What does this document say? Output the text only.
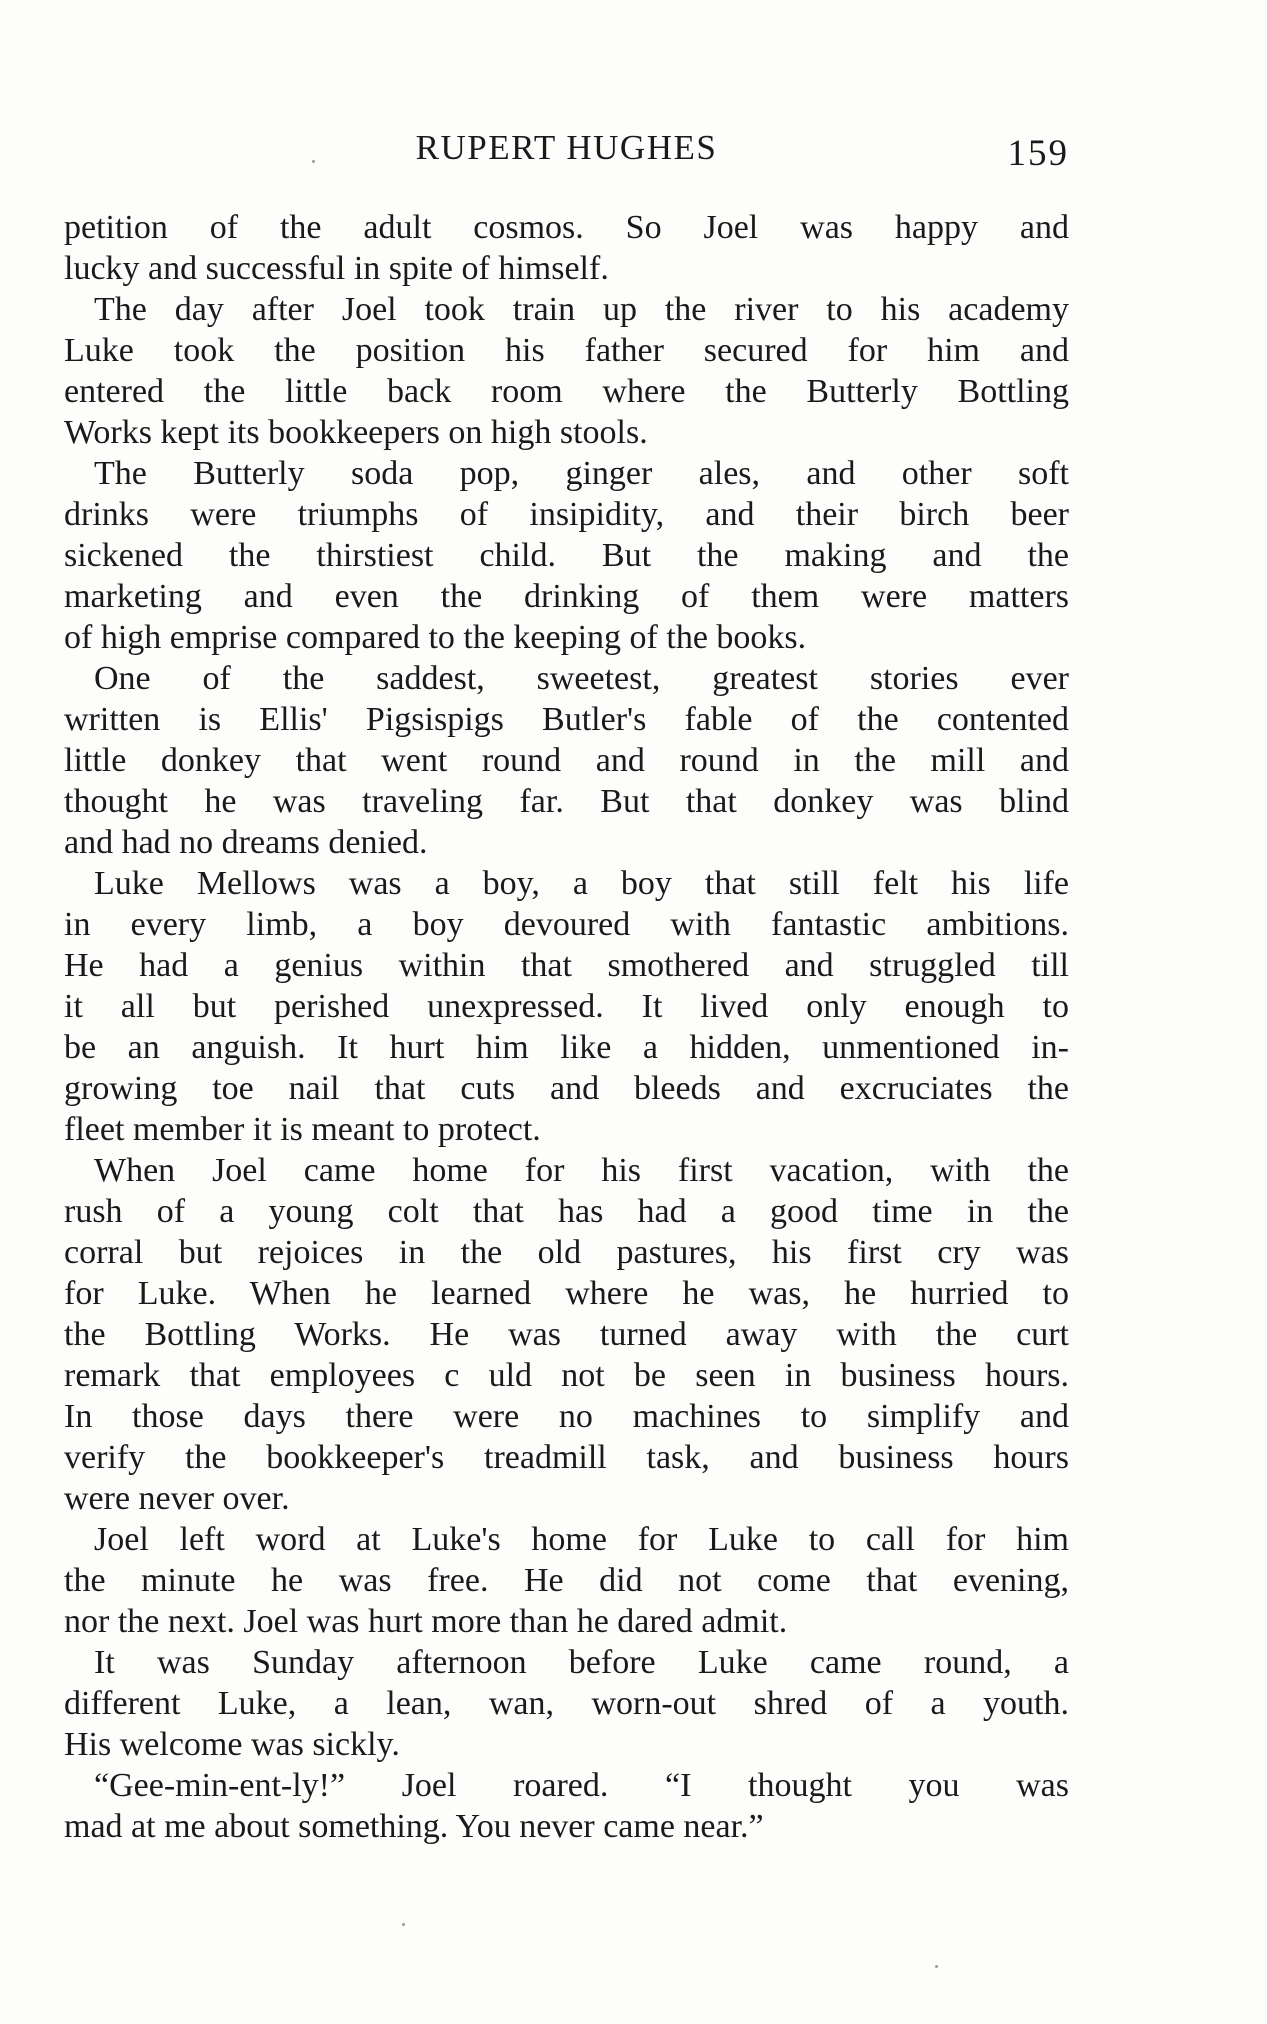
RUPERT HUGHES	159
petition of the adult cosmos. So Joel was happy and
lucky and successful in spite of himself.
The day after Joel took train up the river to his academy
Luke took the position his father secured for him and
entered the little back room where the Butterly Bottling
Works kept its bookkeepers on high stools.
The Butterly soda pop, ginger ales, and other soft
drinks were triumphs of insipidity, and their birch beer
sickened the thirstiest child. But the making and the
marketing and even the drinking of them were matters
of high emprise compared to the keeping of the books.
One of the saddest, sweetest, greatest stories ever
written is Ellis' Pigsispigs Butler's fable of the contented
little donkey that went round and round in the mill and
thought he was traveling far. But that donkey was blind
and had no dreams denied.
Luke Mellows was a boy, a boy that still felt his life
in every limb, a boy devoured with fantastic ambitions.
He had a genius within that smothered and struggled till
it all but perished unexpressed. It lived only enough to
be an anguish. It hurt him like a hidden, unmentioned in-
growing toe nail that cuts and bleeds and excruciates the
fleet member it is meant to protect.
When Joel came home for his first vacation, with the
rush of a young colt that has had a good time in the
corral but rejoices in the old pastures, his first cry was
for Luke. When he learned where he was, he hurried to
the Bottling Works. He was turned away with the curt
remark that employees c uld not be seen in business hours.
In those days there were no machines to simplify and
verify the bookkeeper's treadmill task, and business hours
were never over.
Joel left word at Luke's home for Luke to call for him
the minute he was free. He did not come that evening,
nor the next. Joel was hurt more than he dared admit.
It was Sunday afternoon before Luke came round, a
different Luke, a lean, wan, worn-out shred of a youth.
His welcome was sickly.
“Gee-min-ent-ly!” Joel roared. “I thought you was
mad at me about something. You never came near.”
